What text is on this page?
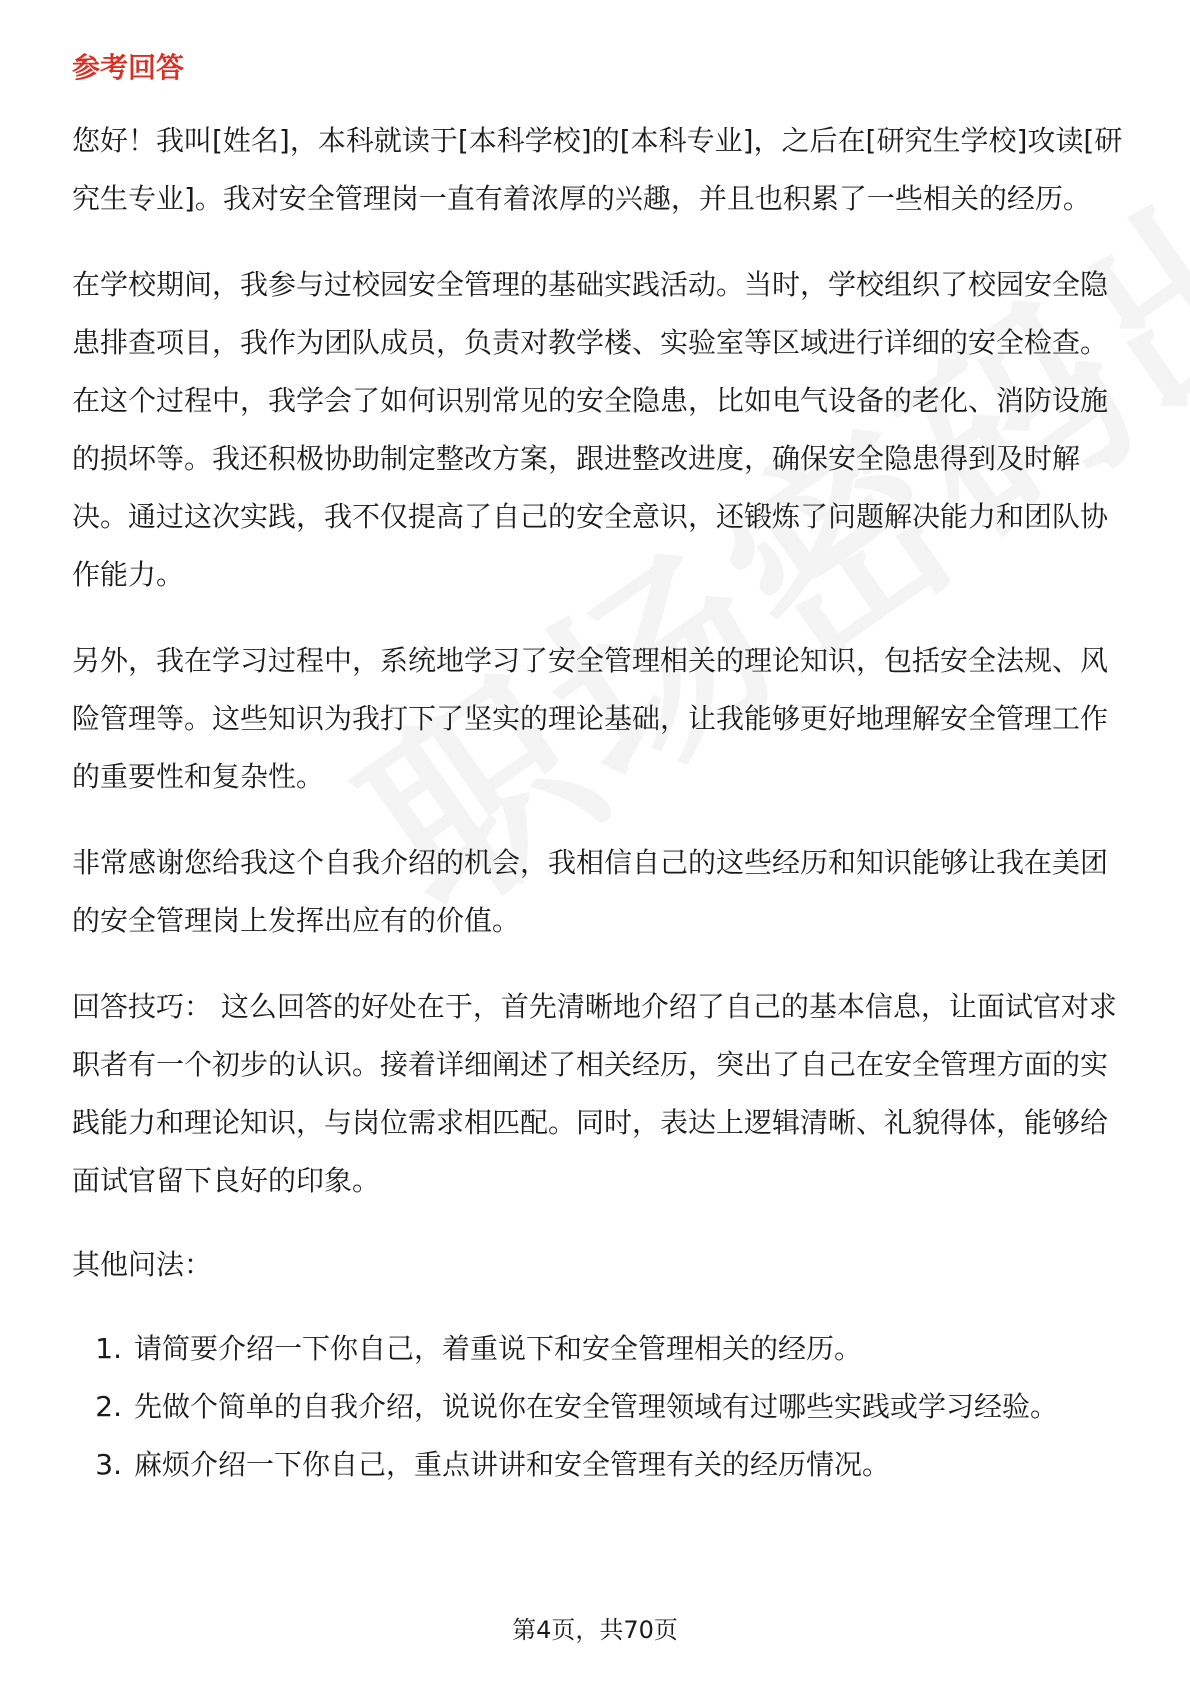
参考回答

您好！我叫[姓名]，本科就读于[本科学校]的[本科专业]，之后在[研究生学校]攻读[研究生专业]。我对安全管理岗一直有着浓厚的兴趣，并且也积累了一些相关的经历。

在学校期间，我参与过校园安全管理的基础实践活动。当时，学校组织了校园安全隐患排查项目，我作为团队成员，负责对教学楼、实验室等区域进行详细的安全检查。在这个过程中，我学会了如何识别常见的安全隐患，比如电气设备的老化、消防设施的损坏等。我还积极协助制定整改方案，跟进整改进度，确保安全隐患得到及时解决。通过这次实践，我不仅提高了自己的安全意识，还锻炼了问题解决能力和团队协作能力。

另外，我在学习过程中，系统地学习了安全管理相关的理论知识，包括安全法规、风险管理等。这些知识为我打下了坚实的理论基础，让我能够更好地理解安全管理工作的重要性和复杂性。

非常感谢您给我这个自我介绍的机会，我相信自己的这些经历和知识能够让我在美团的安全管理岗上发挥出应有的价值。

回答技巧： 这么回答的好处在于，首先清晰地介绍了自己的基本信息，让面试官对求职者有一个初步的认识。接着详细阐述了相关经历，突出了自己在安全管理方面的实践能力和理论知识，与岗位需求相匹配。同时，表达上逻辑清晰、礼貌得体，能够给面试官留下良好的印象。

其他问法：

1. 请简要介绍一下你自己，着重说下和安全管理相关的经历。
2. 先做个简单的自我介绍，说说你在安全管理领域有过哪些实践或学习经验。
3. 麻烦介绍一下你自己，重点讲讲和安全管理有关的经历情况。
第4页，共70页
